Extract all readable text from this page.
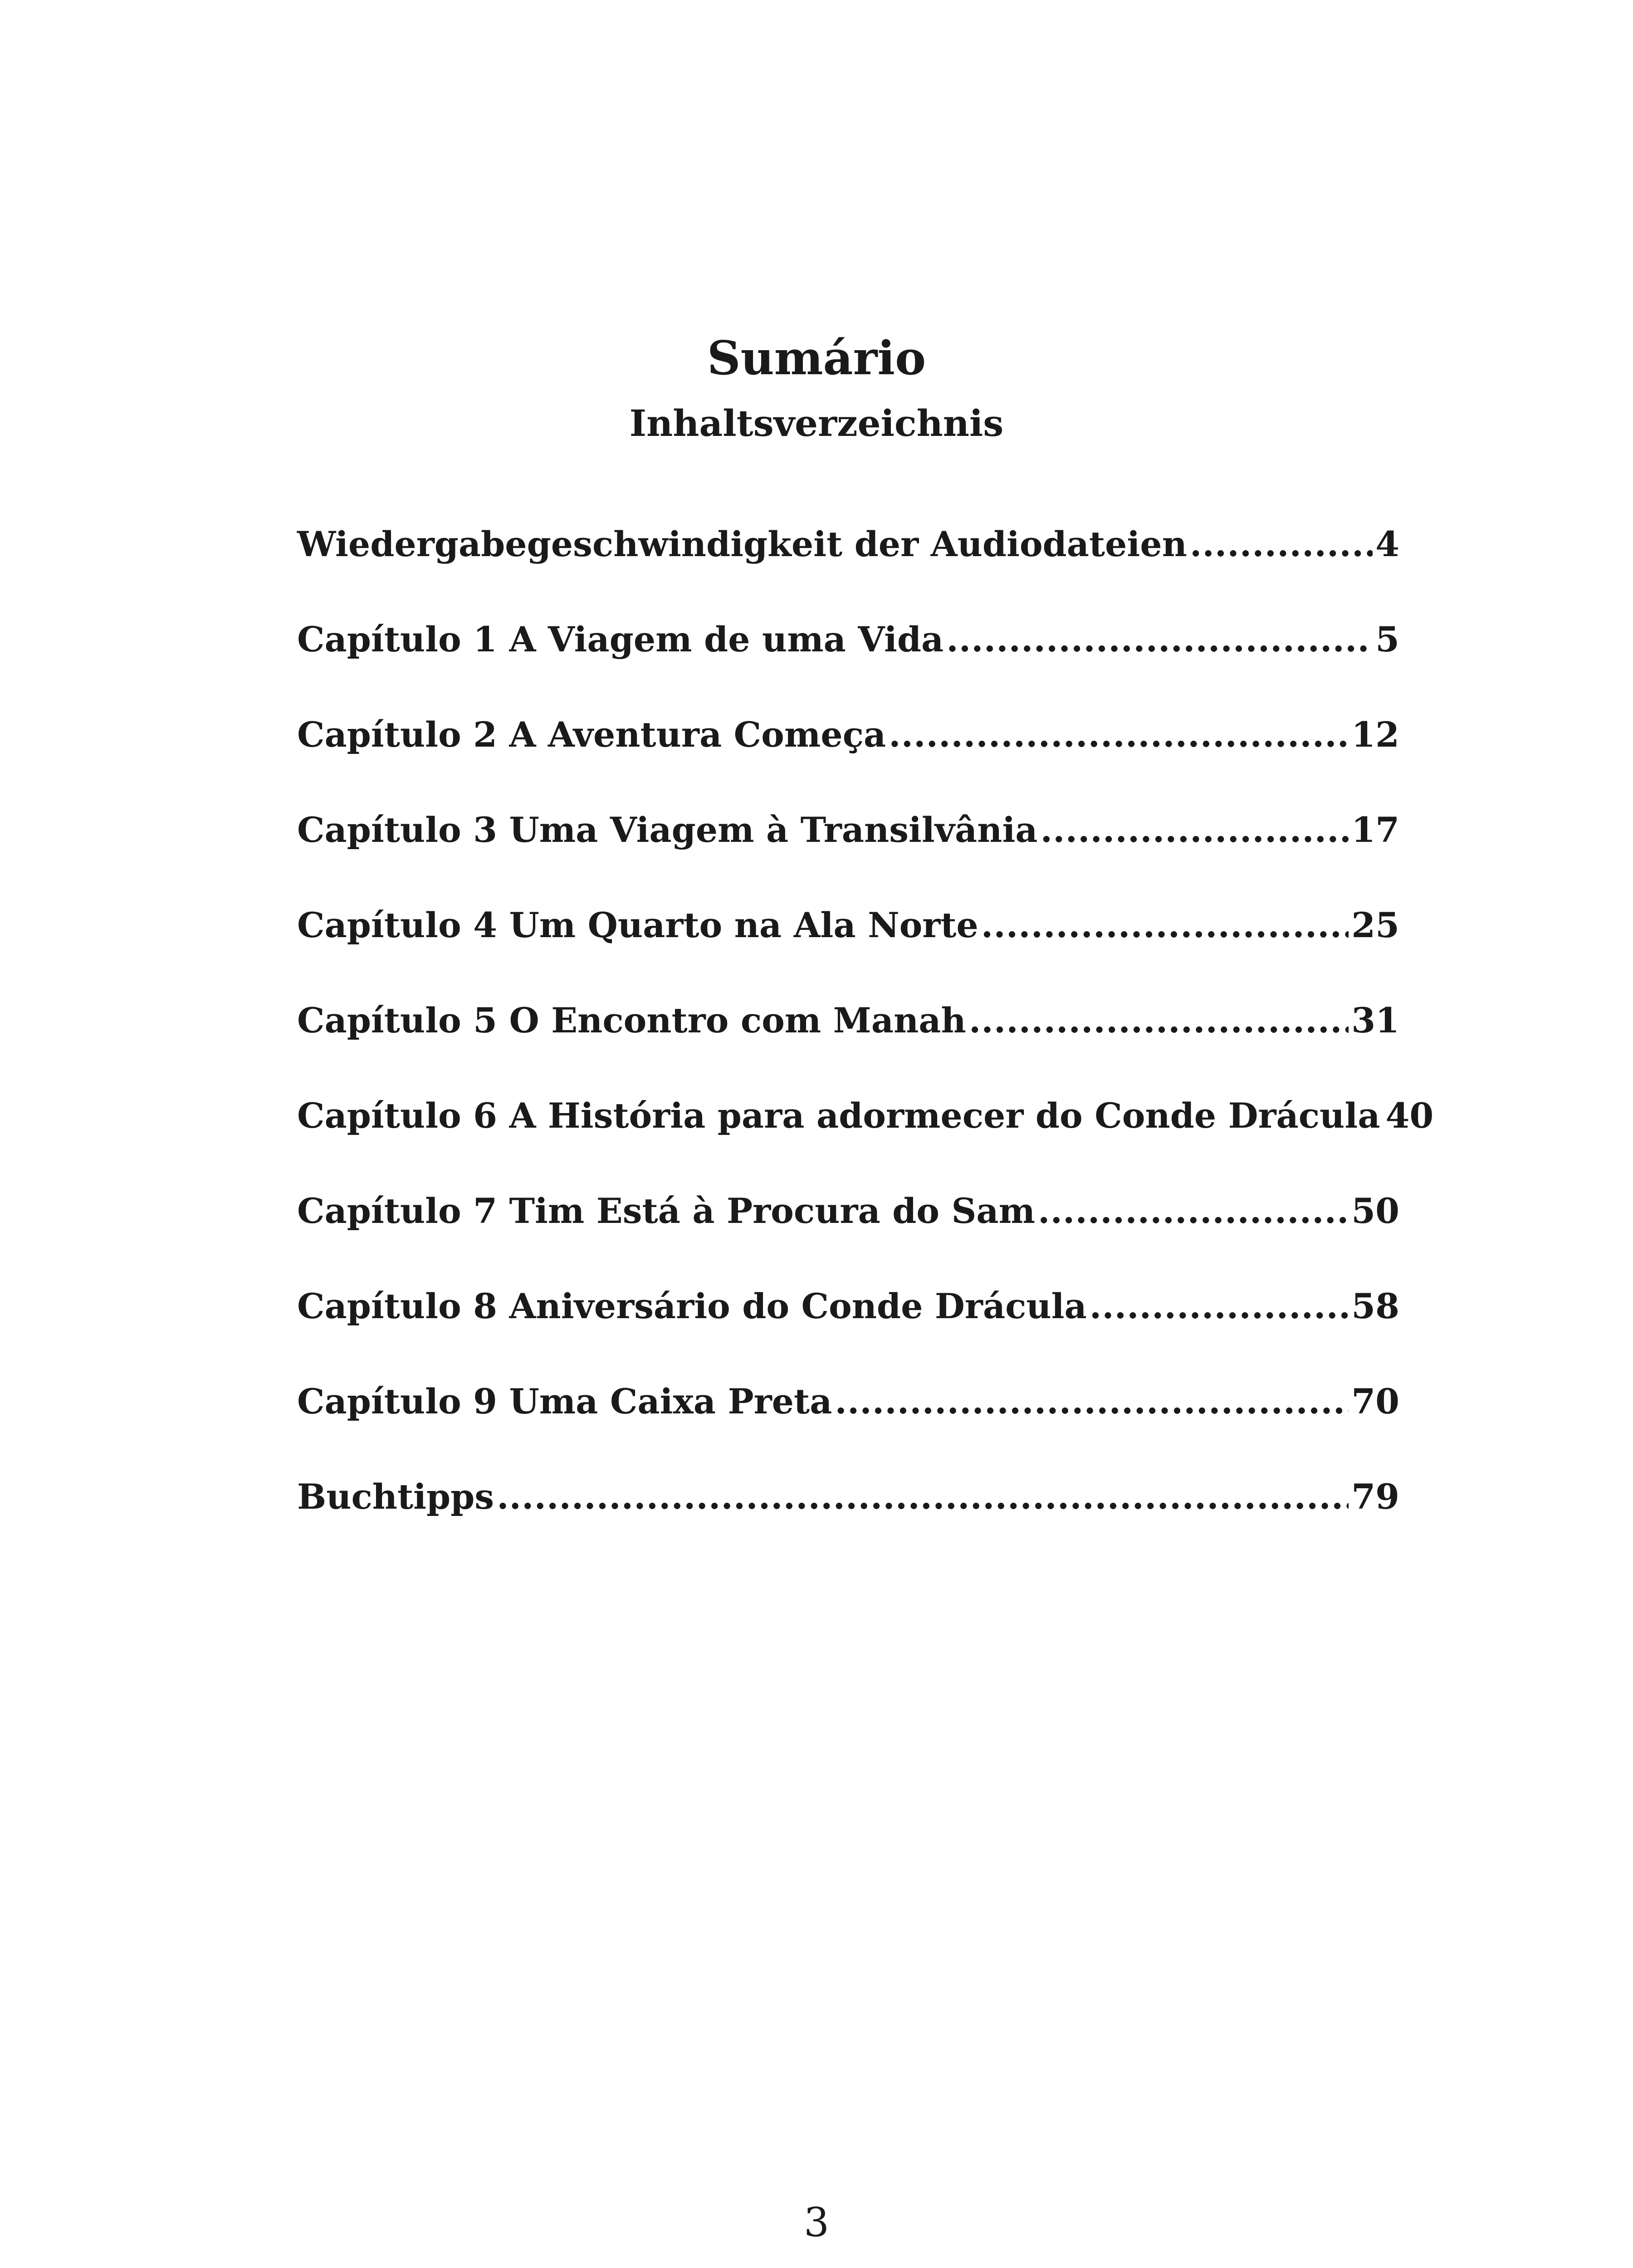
Sumário
Inhaltsverzeichnis
Wiedergabegeschwindigkeit der Audiodateien .....	4
Capítulo 1 A Viagem de uma Vida .....	5
Capítulo 2 A Aventura Começa .....	12
Capítulo 3 Uma Viagem à Transilvânia .....	17
Capítulo 4 Um Quarto na Ala Norte .....	25
Capítulo 5 O Encontro com Manah .....	31
Capítulo 6 A História para adormecer do Conde Drácula 40
Capítulo 7 Tim Está à Procura do Sam .....	50
Capítulo 8 Aniversário do Conde Drácula .....	58
Capítulo 9 Uma Caixa Preta .....	70
Buchtipps .....	79
3
